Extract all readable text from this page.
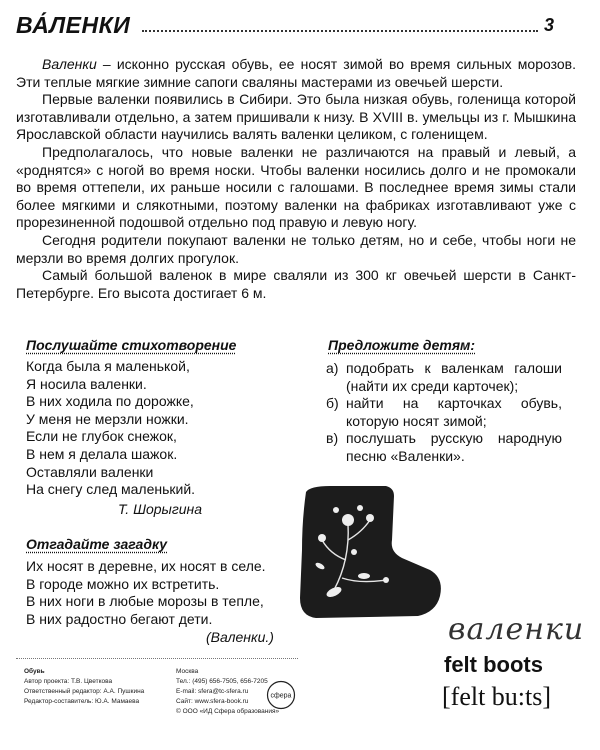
ВА́ЛЕНКИ	3

Валенки – исконно русская обувь, ее носят зимой во время сильных морозов. Эти теплые мягкие зимние сапоги сваляны мастерами из овечьей шерсти.

Первые валенки появились в Сибири. Это была низкая обувь, голенища которой изготавливали отдельно, а затем пришивали к низу. В XVIII в. умельцы из г. Мышкина Ярославской области научились валять валенки целиком, с голенищем.

Предполагалось, что новые валенки не различаются на правый и левый, а «роднятся» с ногой во время носки. Чтобы валенки носились долго и не промокали во время оттепели, их раньше носили с галошами. В последнее время зимы стали более мягкими и слякотными, поэтому валенки на фабриках изготавливают уже с прорезиненной подошвой отдельно под правую и левую ногу.

Сегодня родители покупают валенки не только детям, но и себе, чтобы ноги не мерзли во время долгих прогулок.

Самый большой валенок в мире сваляли из 300 кг овечьей шерсти в Санкт-Петербурге. Его высота достигает 6 м.

Послушайте стихотворение
Когда была я маленькой,
Я носила валенки.
В них ходила по дорожке,
У меня не мерзли ножки.
Если не глубок снежок,
В нем я делала шажок.
Оставляли валенки
На снегу след маленький.
Т. Шорыгина
Отгадайте загадку
Их носят в деревне, их носят в селе.
В городе можно их встретить.
В них ноги в любые морозы в тепле,
В них радостно бегают дети.
(Валенки.)
Предложите детям:
а) подобрать к валенкам галоши (найти их среди карточек);
б) найти на карточках обувь, которую носят зимой;
в) послушать русскую народную песню «Валенки».
валенки
felt boots
[felt bu:ts]
Обувь
Автор проекта: Т.В. Цветкова
Ответственный редактор: А.А. Пушкина
Редактор-составитель: Ю.А. Мамаева
Москва
Тел.: (495) 656-7505, 656-7205
E-mail: sfera@tc-sfera.ru
Сайт: www.sfera-book.ru
© ООО «ИД Сфера образования»
сфера
